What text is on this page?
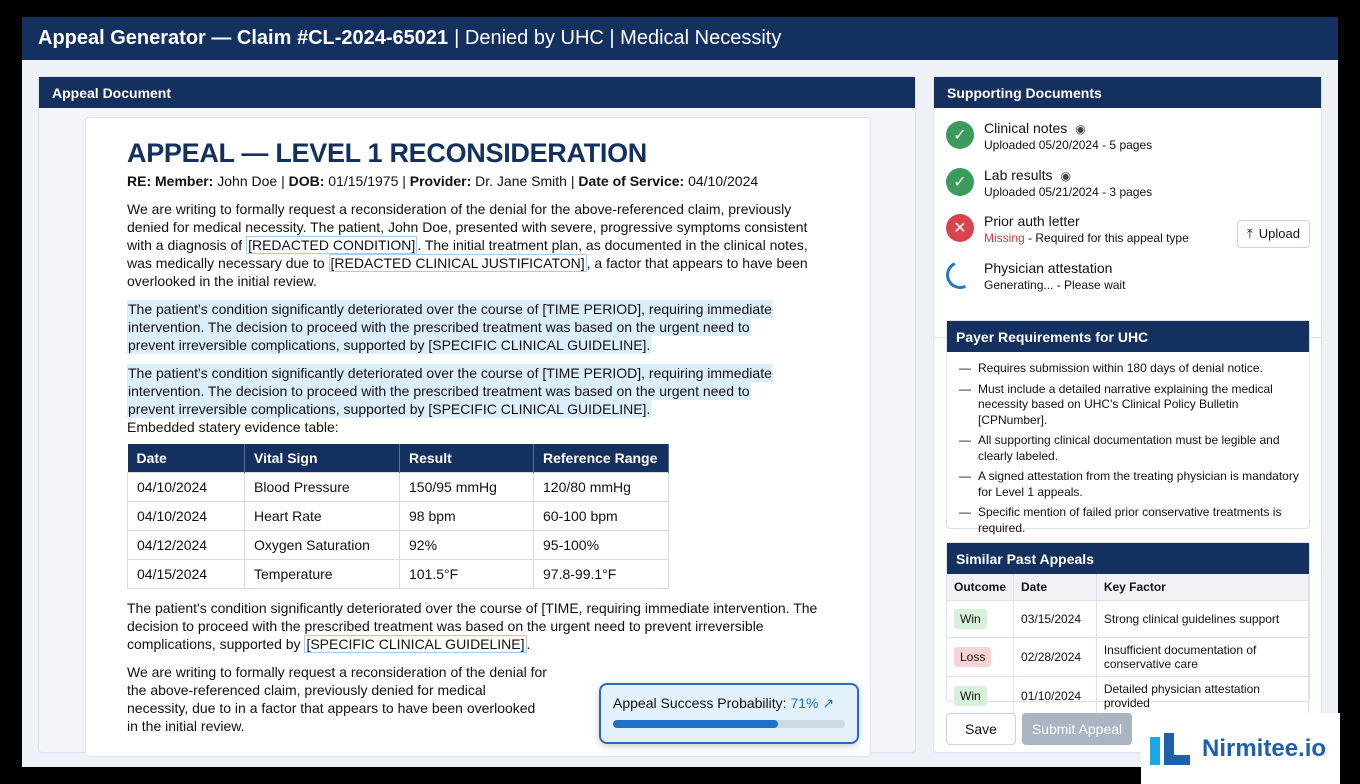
Appeal Generator — Claim #CL-2024-65021 | Denied by UHC | Medical Necessity
Appeal Document
APPEAL — LEVEL 1 RECONSIDERATION
RE: Member: John Doe | DOB: 01/15/1975 | Provider: Dr. Jane Smith | Date of Service: 04/10/2024

We are writing to formally request a reconsideration of the denial for the above-referenced claim, previously denied for medical necessity. The patient, John Doe, presented with severe, progressive symptoms consistent with a diagnosis of [REDACTED CONDITION] . The initial treatment plan, as documented in the clinical notes, was medically necessary due to [REDACTED CLINICAL JUSTIFICATON] , a factor that appears to have been overlooked in the initial review.

The patient's condition significantly deteriorated over the course of [TIME PERIOD], requiring immediate intervention. The decision to proceed with the prescribed treatment was based on the urgent need to prevent irreversible complications, supported by [SPECIFIC CLINICAL GUIDELINE].

The patient's condition significantly deteriorated over the course of [TIME PERIOD], requiring immediate intervention. The decision to proceed with the prescribed treatment was based on the urgent need to prevent irreversible complications, supported by [SPECIFIC CLINICAL GUIDELINE].

Embedded statery evidence table:
Date	Vital Sign	Result	Reference Range
04/10/2024	Blood Pressure	150/95 mmHg	120/80 mmHg
04/10/2024	Heart Rate	98 bpm	60-100 bpm
04/12/2024	Oxygen Saturation	92%	95-100%
04/15/2024	Temperature	101.5°F	97.8-99.1°F

The patient's condition significantly deteriorated over the course of [TIME, requiring immediate intervention. The decision to proceed with the prescribed treatment was based on the urgent need to prevent irreversible complications, supported by [SPECIFIC CLINICAL GUIDELINE] .

We are writing to formally request a reconsideration of the denial for the above-referenced claim, previously denied for medical necessity, due to in a factor that appears to have been overlooked in the initial review.

Appeal Success Probability: 71% ↗
Supporting Documents
✓	Clinical notes ◉
Uploaded 05/20/2024 - 5 pages
✓	Lab results ◉
Uploaded 05/21/2024 - 3 pages
✕	Prior auth letter
Missing - Required for this appeal type	⤒ Upload
Physician attestation
Generating... - Please wait
Payer Requirements for UHC
— Requires submission within 180 days of denial notice.
— Must include a detailed narrative explaining the medical necessity based on UHC's Clinical Policy Bulletin [CPNumber].
— All supporting clinical documentation must be legible and clearly labeled.
— A signed attestation from the treating physician is mandatory for Level 1 appeals.
— Specific mention of failed prior conservative treatments is required.
Similar Past Appeals
Outcome	Date	Key Factor
Win	03/15/2024	Strong clinical guidelines support
Loss	02/28/2024	Insufficient documentation of conservative care
Win	01/10/2024	Detailed physician attestation provided
Save	Submit Appeal
Nirmitee.io
